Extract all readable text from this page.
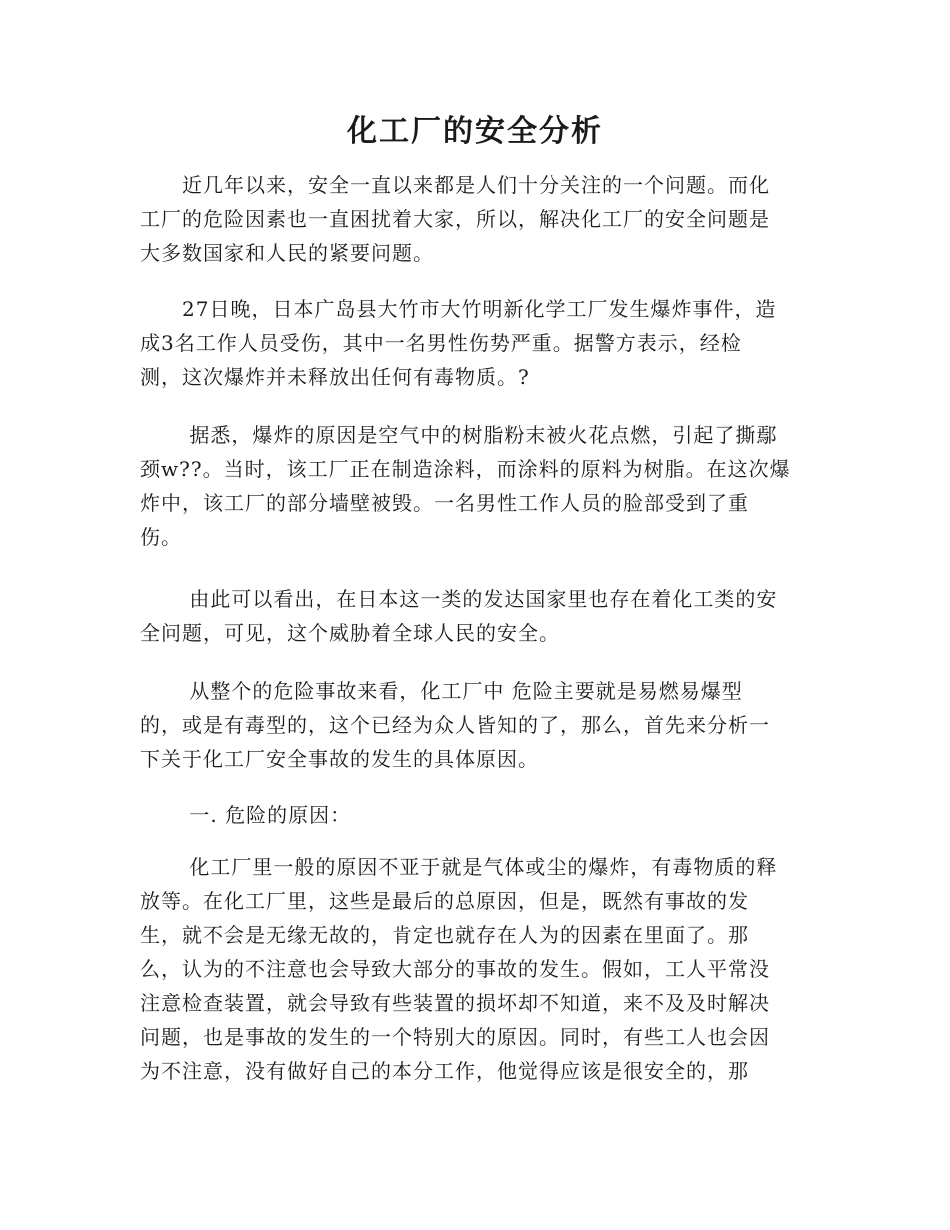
化工厂的安全分析
　　近几年以来，安全一直以来都是人们十分关注的一个问题。而化
工厂的危险因素也一直困扰着大家，所以，解决化工厂的安全问题是
大多数国家和人民的紧要问题。
　　27日晚，日本广岛县大竹市大竹明新化学工厂发生爆炸事件，造
成3名工作人员受伤，其中一名男性伤势严重。据警方表示，经检
测，这次爆炸并未释放出任何有毒物质。?
　　 据悉，爆炸的原因是空气中的树脂粉末被火花点燃，引起了撕鄢
颈w??。当时，该工厂正在制造涂料，而涂料的原料为树脂。在这次爆
炸中，该工厂的部分墙壁被毁。一名男性工作人员的脸部受到了重
伤。
　　 由此可以看出，在日本这一类的发达国家里也存在着化工类的安
全问题，可见，这个威胁着全球人民的安全。
　　 从整个的危险事故来看，化工厂中 危险主要就是易燃易爆型
的，或是有毒型的，这个已经为众人皆知的了，那么，首先来分析一
下关于化工厂安全事故的发生的具体原因。
　　 一. 危险的原因：
　　 化工厂里一般的原因不亚于就是气体或尘的爆炸，有毒物质的释
放等。在化工厂里，这些是最后的总原因，但是，既然有事故的发
生，就不会是无缘无故的，肯定也就存在人为的因素在里面了。那
么，认为的不注意也会导致大部分的事故的发生。假如，工人平常没
注意检查装置，就会导致有些装置的损坏却不知道，来不及及时解决
问题，也是事故的发生的一个特别大的原因。同时，有些工人也会因
为不注意，没有做好自己的本分工作，他觉得应该是很安全的，那
